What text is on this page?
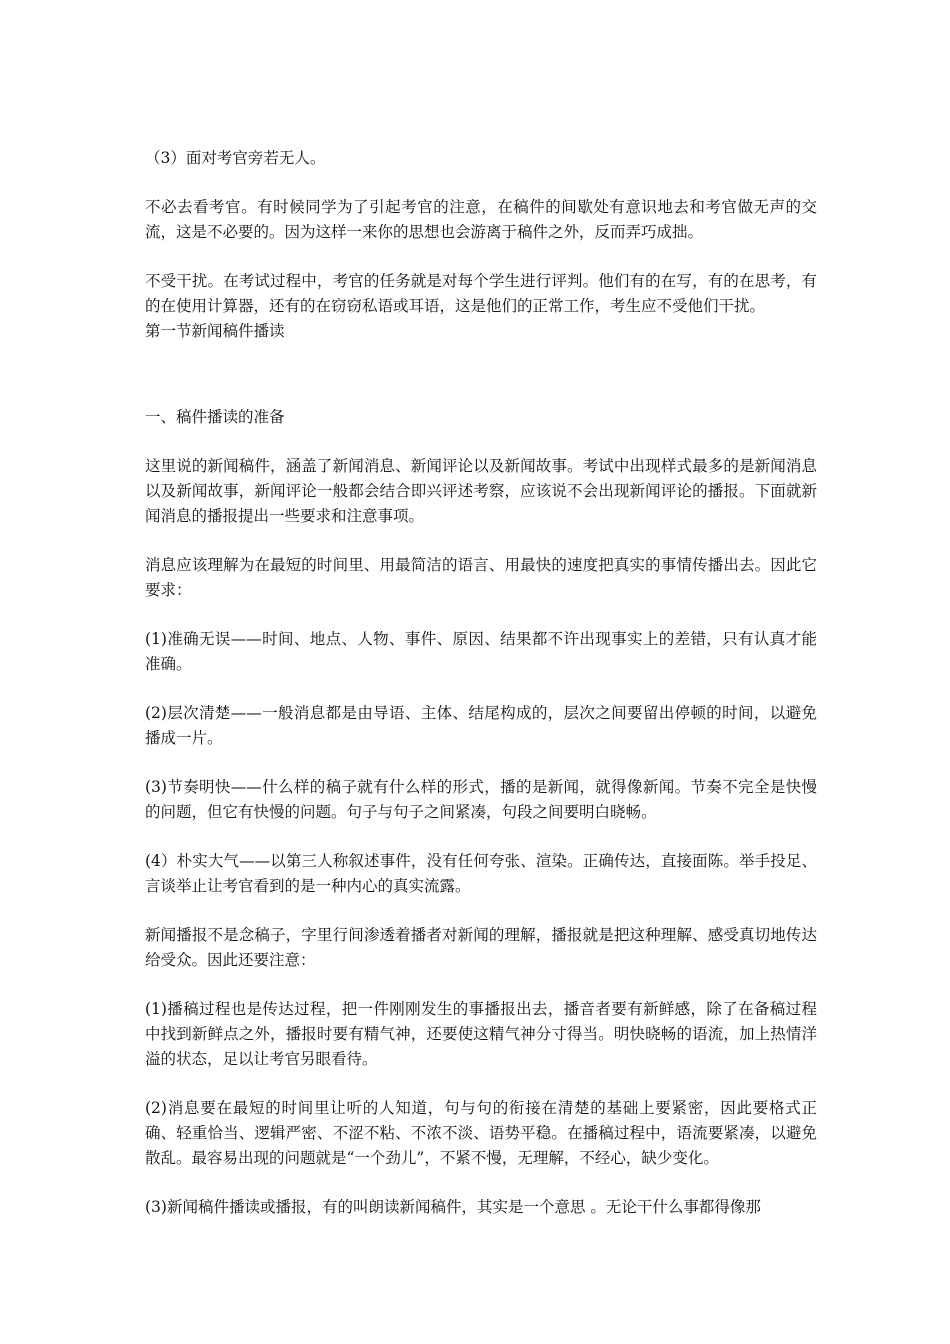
（3）面对考官旁若无人。

不必去看考官。有时候同学为了引起考官的注意，在稿件的间歇处有意识地去和考官做无声的交流，这是不必要的。因为这样一来你的思想也会游离于稿件之外，反而弄巧成拙。

不受干扰。在考试过程中，考官的任务就是对每个学生进行评判。他们有的在写，有的在思考，有的在使用计算器，还有的在窃窃私语或耳语，这是他们的正常工作，考生应不受他们干扰。

第一节新闻稿件播读

一、稿件播读的准备

这里说的新闻稿件，涵盖了新闻消息、新闻评论以及新闻故事。考试中出现样式最多的是新闻消息以及新闻故事，新闻评论一般都会结合即兴评述考察，应该说不会出现新闻评论的播报。下面就新闻消息的播报提出一些要求和注意事项。

消息应该理解为在最短的时间里、用最简洁的语言、用最快的速度把真实的事情传播出去。因此它要求：

(1)准确无误——时间、地点、人物、事件、原因、结果都不许出现事实上的差错，只有认真才能准确。

(2)层次清楚——一般消息都是由导语、主体、结尾构成的，层次之间要留出停顿的时间，以避免播成一片。

(3)节奏明快——什么样的稿子就有什么样的形式，播的是新闻，就得像新闻。节奏不完全是快慢的问题，但它有快慢的问题。句子与句子之间紧凑，句段之间要明白晓畅。

(4）朴实大气——以第三人称叙述事件，没有任何夸张、渲染。正确传达，直接面陈。举手投足、言谈举止让考官看到的是一种内心的真实流露。

新闻播报不是念稿子，字里行间渗透着播者对新闻的理解，播报就是把这种理解、感受真切地传达给受众。因此还要注意：

(1)播稿过程也是传达过程，把一件刚刚发生的事播报出去，播音者要有新鲜感，除了在备稿过程中找到新鲜点之外，播报时要有精气神，还要使这精气神分寸得当。明快晓畅的语流，加上热情洋溢的状态，足以让考官另眼看待。

(2)消息要在最短的时间里让听的人知道，句与句的衔接在清楚的基础上要紧密，因此要格式正确、轻重恰当、逻辑严密、不涩不粘、不浓不淡、语势平稳。在播稿过程中，语流要紧凑，以避免散乱。最容易出现的问题就是“一个劲儿”，不紧不慢，无理解，不经心，缺少变化。

(3)新闻稿件播读或播报，有的叫朗读新闻稿件，其实是一个意思 。无论干什么事都得像那
